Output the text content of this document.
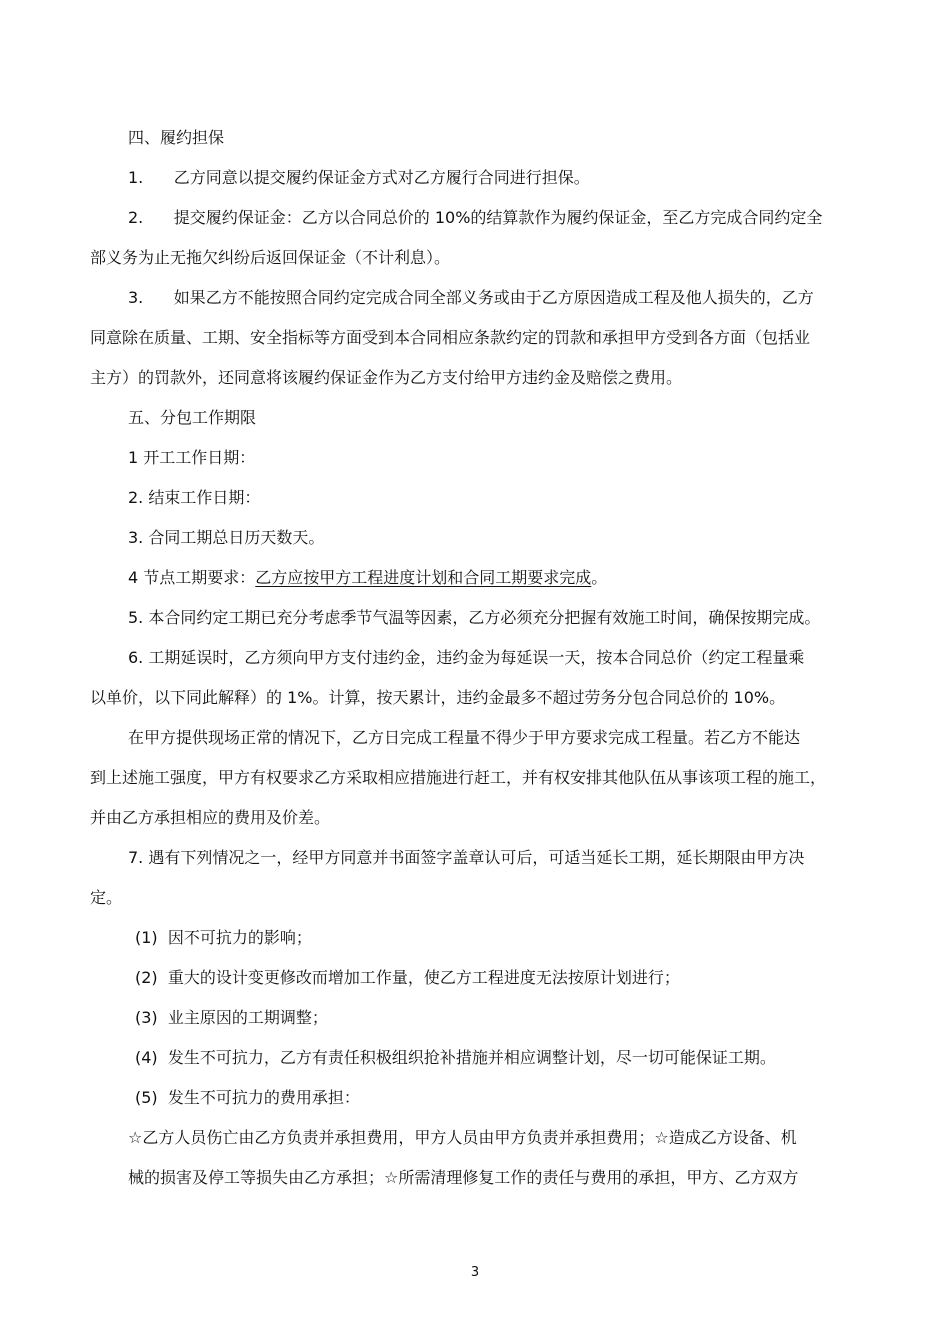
四、履约担保
1.      乙方同意以提交履约保证金方式对乙方履行合同进行担保。
2.      提交履约保证金：乙方以合同总价的 10%的结算款作为履约保证金，至乙方完成合同约定全
部义务为止无拖欠纠纷后返回保证金（不计利息）。
3.      如果乙方不能按照合同约定完成合同全部义务或由于乙方原因造成工程及他人损失的，乙方
同意除在质量、工期、安全指标等方面受到本合同相应条款约定的罚款和承担甲方受到各方面（包括业
主方）的罚款外，还同意将该履约保证金作为乙方支付给甲方违约金及赔偿之费用。
五、分包工作期限
1 开工工作日期：
2. 结束工作日期：
3. 合同工期总日历天数天。
4 节点工期要求：乙方应按甲方工程进度计划和合同工期要求完成。
5. 本合同约定工期已充分考虑季节气温等因素，乙方必须充分把握有效施工时间，确保按期完成。
6. 工期延误时，乙方须向甲方支付违约金，违约金为每延误一天，按本合同总价（约定工程量乘
以单价，以下同此解释）的 1%。计算，按天累计，违约金最多不超过劳务分包合同总价的 10%。
在甲方提供现场正常的情况下，乙方日完成工程量不得少于甲方要求完成工程量。若乙方不能达
到上述施工强度，甲方有权要求乙方采取相应措施进行赶工，并有权安排其他队伍从事该项工程的施工，
并由乙方承担相应的费用及价差。
7. 遇有下列情况之一，经甲方同意并书面签字盖章认可后，可适当延长工期，延长期限由甲方决
定。
(1)  因不可抗力的影响；
(2)  重大的设计变更修改而增加工作量，使乙方工程进度无法按原计划进行；
(3)  业主原因的工期调整；
(4)  发生不可抗力，乙方有责任积极组织抢补措施并相应调整计划，尽一切可能保证工期。
(5)  发生不可抗力的费用承担：
☆乙方人员伤亡由乙方负责并承担费用，甲方人员由甲方负责并承担费用；☆造成乙方设备、机
械的损害及停工等损失由乙方承担；☆所需清理修复工作的责任与费用的承担，甲方、乙方双方
3
